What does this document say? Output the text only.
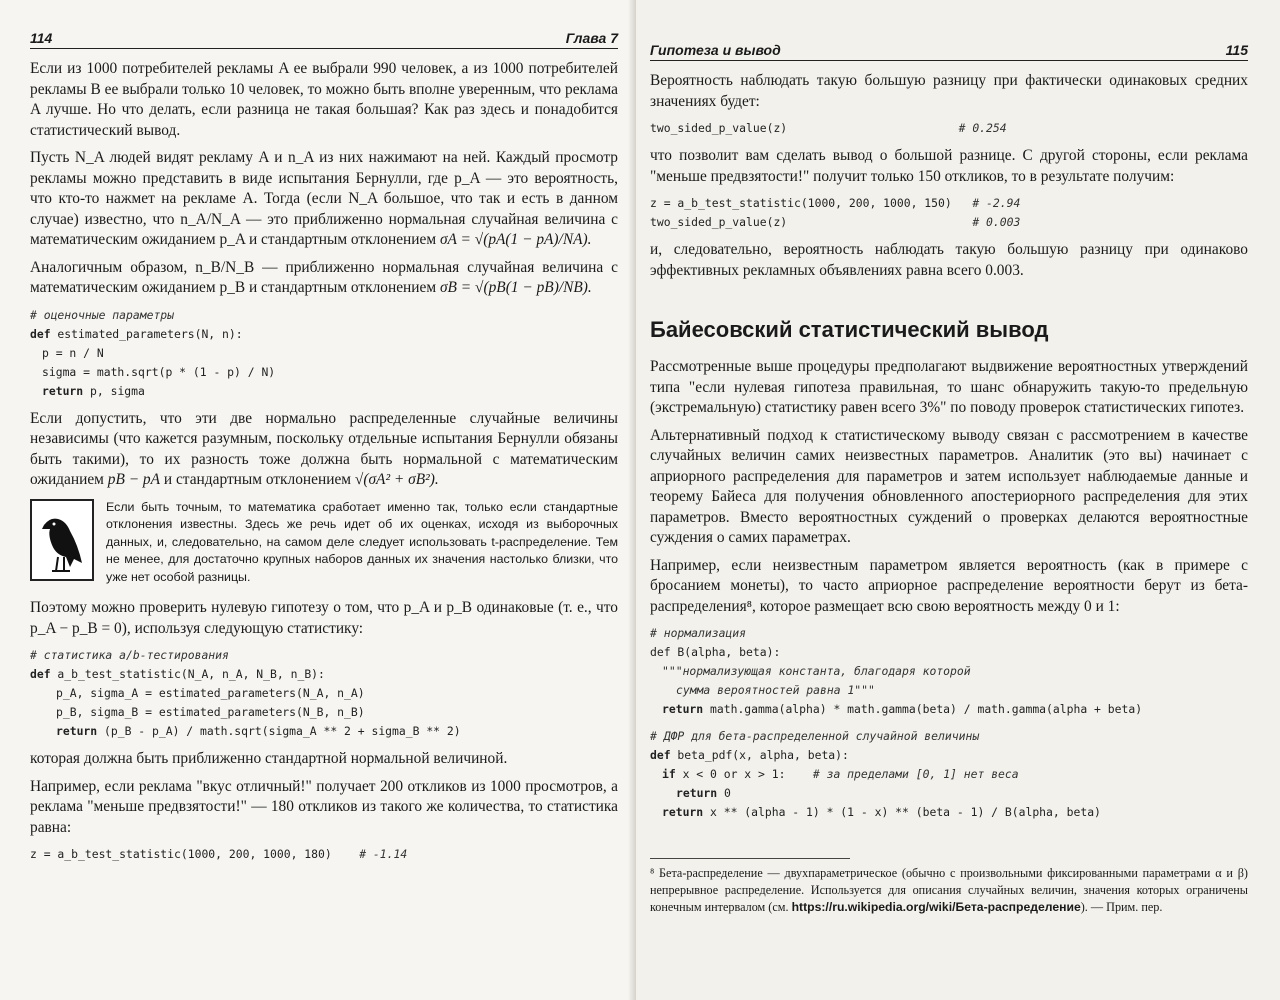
114	Глава 7

Если из 1000 потребителей рекламы A ее выбрали 990 человек, а из 1000 потребителей рекламы B ее выбрали только 10 человек, то можно быть вполне уверенным, что реклама A лучше. Но что делать, если разница не такая большая? Как раз здесь и понадобится статистический вывод.

Пусть N_A людей видят рекламу A и n_A из них нажимают на ней. Каждый просмотр рекламы можно представить в виде испытания Бернулли, где p_A — это вероятность, что кто-то нажмет на рекламе A. Тогда (если N_A большое, что так и есть в данном случае) известно, что n_A/N_A — это приближенно нормальная случайная величина с математическим ожиданием p_A и стандартным отклонением σA = √(pA(1 − pA)/NA).

Аналогичным образом, n_B/N_B — приближенно нормальная случайная величина с математическим ожиданием p_B и стандартным отклонением σB = √(pB(1 − pB)/NB).

# оценочные параметры
def estimated_parameters(N, n):
p = n / N
sigma = math.sqrt(p * (1 - p) / N)
return p, sigma

Если допустить, что эти две нормально распределенные случайные величины независимы (что кажется разумным, поскольку отдельные испытания Бернулли обязаны быть такими), то их разность тоже должна быть нормальной с математическим ожиданием pB − pA и стандартным отклонением √(σA² + σB²).

Если быть точным, то математика сработает именно так, только если стандартные отклонения известны. Здесь же речь идет об их оценках, исходя из выборочных данных, и, следовательно, на самом деле следует использовать t-распределение. Тем не менее, для достаточно крупных наборов данных их значения настолько близки, что уже нет особой разницы.

Поэтому можно проверить нулевую гипотезу о том, что p_A и p_B одинаковые (т. е., что p_A − p_B = 0), используя следующую статистику:

# статистика a/b-тестирования
def a_b_test_statistic(N_A, n_A, N_B, n_B):
p_A, sigma_A = estimated_parameters(N_A, n_A)
p_B, sigma_B = estimated_parameters(N_B, n_B)
return (p_B - p_A) / math.sqrt(sigma_A ** 2 + sigma_B ** 2)

которая должна быть приближенно стандартной нормальной величиной.

Например, если реклама "вкус отличный!" получает 200 откликов из 1000 просмотров, а реклама "меньше предвзятости!" — 180 откликов из такого же количества, то статистика равна:

z = a_b_test_statistic(1000, 200, 1000, 180) # -1.14
Гипотеза и вывод	115

Вероятность наблюдать такую большую разницу при фактически одинаковых средних значениях будет:

two_sided_p_value(z)	# 0.254

что позволит вам сделать вывод о большой разнице. С другой стороны, если реклама "меньше предвзятости!" получит только 150 откликов, то в результате получим:

z = a_b_test_statistic(1000, 200, 1000, 150) # -2.94
two_sided_p_value(z)	# 0.003

и, следовательно, вероятность наблюдать такую большую разницу при одинаково эффективных рекламных объявлениях равна всего 0.003.

Байесовский статистический вывод

Рассмотренные выше процедуры предполагают выдвижение вероятностных утверждений типа "если нулевая гипотеза правильная, то шанс обнаружить такую-то предельную (экстремальную) статистику равен всего 3%" по поводу проверок статистических гипотез.

Альтернативный подход к статистическому выводу связан с рассмотрением в качестве случайных величин самих неизвестных параметров. Аналитик (это вы) начинает с априорного распределения для параметров и затем использует наблюдаемые данные и теорему Байеса для получения обновленного апостериорного распределения для этих параметров. Вместо вероятностных суждений о проверках делаются вероятностные суждения о самих параметрах.

Например, если неизвестным параметром является вероятность (как в примере с бросанием монеты), то часто априорное распределение вероятности берут из бета-распределения⁸, которое размещает всю свою вероятность между 0 и 1:

# нормализация
def B(alpha, beta):
"""нормализующая константа, благодаря которой
сумма вероятностей равна 1"""
return math.gamma(alpha) * math.gamma(beta) / math.gamma(alpha + beta)
# ДФР для бета-распределенной случайной величины
def beta_pdf(x, alpha, beta):
if x < 0 or x > 1: # за пределами [0, 1] нет веса
return 0
return x ** (alpha - 1) * (1 - x) ** (beta - 1) / B(alpha, beta)
⁸ Бета-распределение — двухпараметрическое (обычно с произвольными фиксированными параметрами α и β) непрерывное распределение. Используется для описания случайных величин, значения которых ограничены конечным интервалом (см. https://ru.wikipedia.org/wiki/Бета-распределение). — Прим. пер.
